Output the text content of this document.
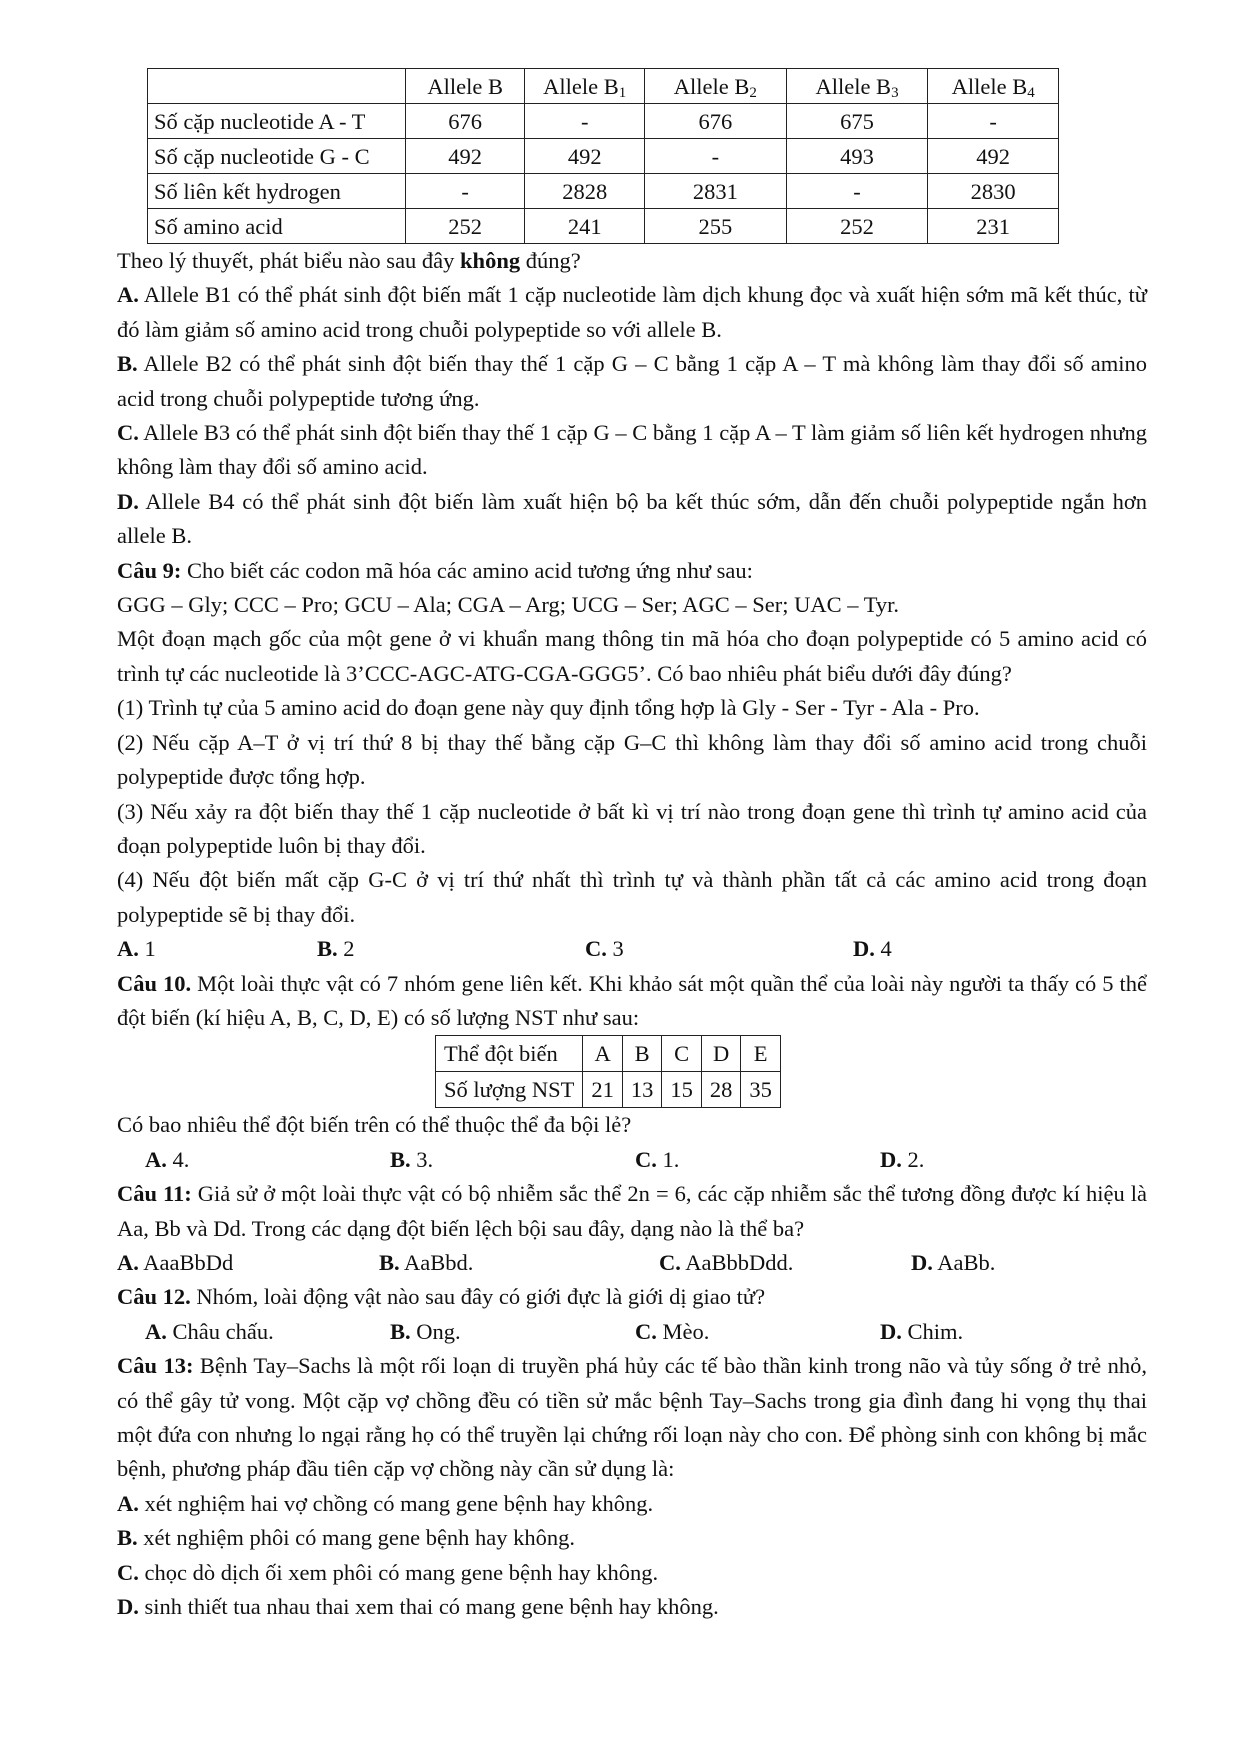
	Allele B	Allele $B_1$	Allele $B_2$	Allele $B_3$	Allele $B_4$
Số cặp nucleotide A - T	676	-	676	675	-
Số cặp nucleotide G - C	492	492	-	493	492
Số liên kết hydrogen	-	2828	2831	-	2830
Số amino acid	252	241	255	252	231

Theo lý thuyết, phát biểu nào sau đây không đúng?

A. Allele B1 có thể phát sinh đột biến mất 1 cặp nucleotide làm dịch khung đọc và xuất hiện sớm mã kết thúc, từ đó làm giảm số amino acid trong chuỗi polypeptide so với allele B.

B. Allele B2 có thể phát sinh đột biến thay thế 1 cặp G – C bằng 1 cặp A – T mà không làm thay đổi số amino acid trong chuỗi polypeptide tương ứng.

C. Allele B3 có thể phát sinh đột biến thay thế 1 cặp G – C bằng 1 cặp A – T làm giảm số liên kết hydrogen nhưng không làm thay đổi số amino acid.

D. Allele B4 có thể phát sinh đột biến làm xuất hiện bộ ba kết thúc sớm, dẫn đến chuỗi polypeptide ngắn hơn allele B.

Câu 9: Cho biết các codon mã hóa các amino acid tương ứng như sau:

GGG – Gly; CCC – Pro; GCU – Ala; CGA – Arg; UCG – Ser; AGC – Ser; UAC – Tyr.

Một đoạn mạch gốc của một gene ở vi khuẩn mang thông tin mã hóa cho đoạn polypeptide có 5 amino acid có trình tự các nucleotide là 3’CCC-AGC-ATG-CGA-GGG5’. Có bao nhiêu phát biểu dưới đây đúng?

(1) Trình tự của 5 amino acid do đoạn gene này quy định tổng hợp là Gly - Ser - Tyr - Ala - Pro.

(2) Nếu cặp A–T ở vị trí thứ 8 bị thay thế bằng cặp G–C thì không làm thay đổi số amino acid trong chuỗi polypeptide được tổng hợp.

(3) Nếu xảy ra đột biến thay thế 1 cặp nucleotide ở bất kì vị trí nào trong đoạn gene thì trình tự amino acid của đoạn polypeptide luôn bị thay đổi.

(4) Nếu đột biến mất cặp G-C ở vị trí thứ nhất thì trình tự và thành phần tất cả các amino acid trong đoạn polypeptide sẽ bị thay đổi.

A. 1	B. 2	C. 3	D. 4

Câu 10. Một loài thực vật có 7 nhóm gene liên kết. Khi khảo sát một quần thể của loài này người ta thấy có 5 thể đột biến (kí hiệu A, B, C, D, E) có số lượng NST như sau:

Thể đột biến	A	B	C	D	E
Số lượng NST	21	13	15	28	35

Có bao nhiêu thể đột biến trên có thể thuộc thể đa bội lẻ?

A. 4.	B. 3.	C. 1.	D. 2.

Câu 11: Giả sử ở một loài thực vật có bộ nhiễm sắc thể 2n = 6, các cặp nhiễm sắc thể tương đồng được kí hiệu là Aa, Bb và Dd. Trong các dạng đột biến lệch bội sau đây, dạng nào là thể ba?

A. AaaBbDd	B. AaBbd.	C. AaBbbDdd.	D. AaBb.

Câu 12. Nhóm, loài động vật nào sau đây có giới đực là giới dị giao tử?

A. Châu chấu.	B. Ong.	C. Mèo.	D. Chim.

Câu 13: Bệnh Tay–Sachs là một rối loạn di truyền phá hủy các tế bào thần kinh trong não và tủy sống ở trẻ nhỏ, có thể gây tử vong. Một cặp vợ chồng đều có tiền sử mắc bệnh Tay–Sachs trong gia đình đang hi vọng thụ thai một đứa con nhưng lo ngại rằng họ có thể truyền lại chứng rối loạn này cho con. Để phòng sinh con không bị mắc bệnh, phương pháp đầu tiên cặp vợ chồng này cần sử dụng là:

A. xét nghiệm hai vợ chồng có mang gene bệnh hay không.

B. xét nghiệm phôi có mang gene bệnh hay không.

C. chọc dò dịch ối xem phôi có mang gene bệnh hay không.

D. sinh thiết tua nhau thai xem thai có mang gene bệnh hay không.
